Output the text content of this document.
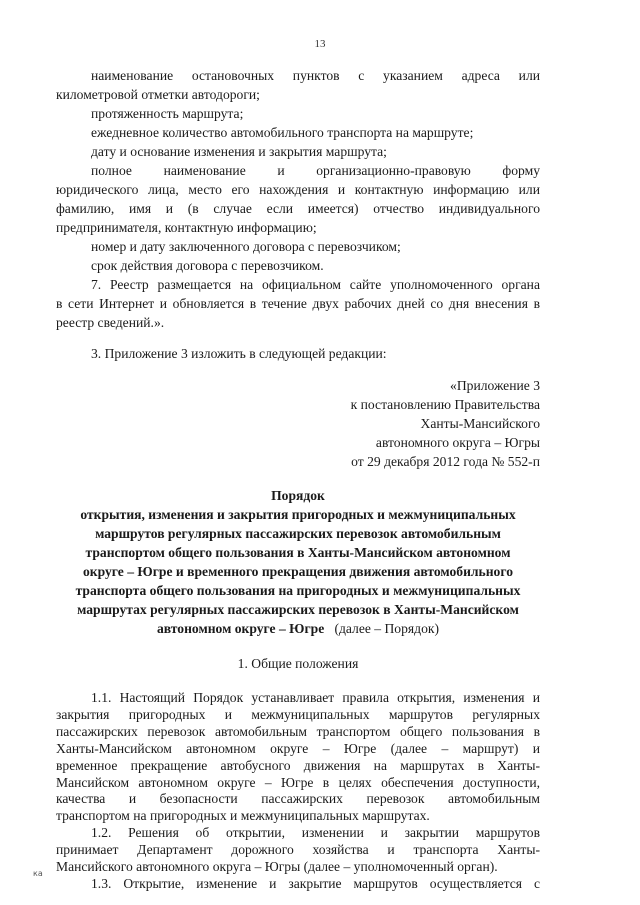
13
наименование остановочных пунктов с указанием адреса или
километровой отметки автодороги;
протяженность маршрута;
ежедневное количество автомобильного транспорта на маршруте;
дату и основание изменения и закрытия маршрута;
полное наименование и организационно-правовую форму
юридического лица, место его нахождения и контактную информацию или
фамилию, имя и (в случае если имеется) отчество индивидуального
предпринимателя, контактную информацию;
номер и дату заключенного договора с перевозчиком;
срок действия договора с перевозчиком.
7. Реестр размещается на официальном сайте уполномоченного органа
в сети Интернет и обновляется в течение двух рабочих дней со дня внесения в
реестр сведений.».
3. Приложение 3 изложить в следующей редакции:
«Приложение 3
к постановлению Правительства
Ханты-Мансийского
автономного округа – Югры
от 29 декабря 2012 года № 552-п
Порядок
открытия, изменения и закрытия пригородных и межмуниципальных
маршрутов регулярных пассажирских перевозок автомобильным
транспортом общего пользования в Ханты-Мансийском автономном
округе – Югре и временного прекращения движения автомобильного
транспорта общего пользования на пригородных и межмуниципальных
маршрутах регулярных пассажирских перевозок в Ханты-Мансийском
автономном округе – Югре (далее – Порядок)
1. Общие положения
1.1. Настоящий Порядок устанавливает правила открытия, изменения и
закрытия пригородных и межмуниципальных маршрутов регулярных
пассажирских перевозок автомобильным транспортом общего пользования в
Ханты-Мансийском автономном округе – Югре (далее – маршрут) и
временное прекращение автобусного движения на маршрутах в Ханты-
Мансийском автономном округе – Югре в целях обеспечения доступности,
качества и безопасности пассажирских перевозок автомобильным
транспортом на пригородных и межмуниципальных маршрутах.
1.2. Решения об открытии, изменении и закрытии маршрутов
принимает Департамент дорожного хозяйства и транспорта Ханты-
Мансийского автономного округа – Югры (далее – уполномоченный орган).
1.3. Открытие, изменение и закрытие маршрутов осуществляется с
ка
